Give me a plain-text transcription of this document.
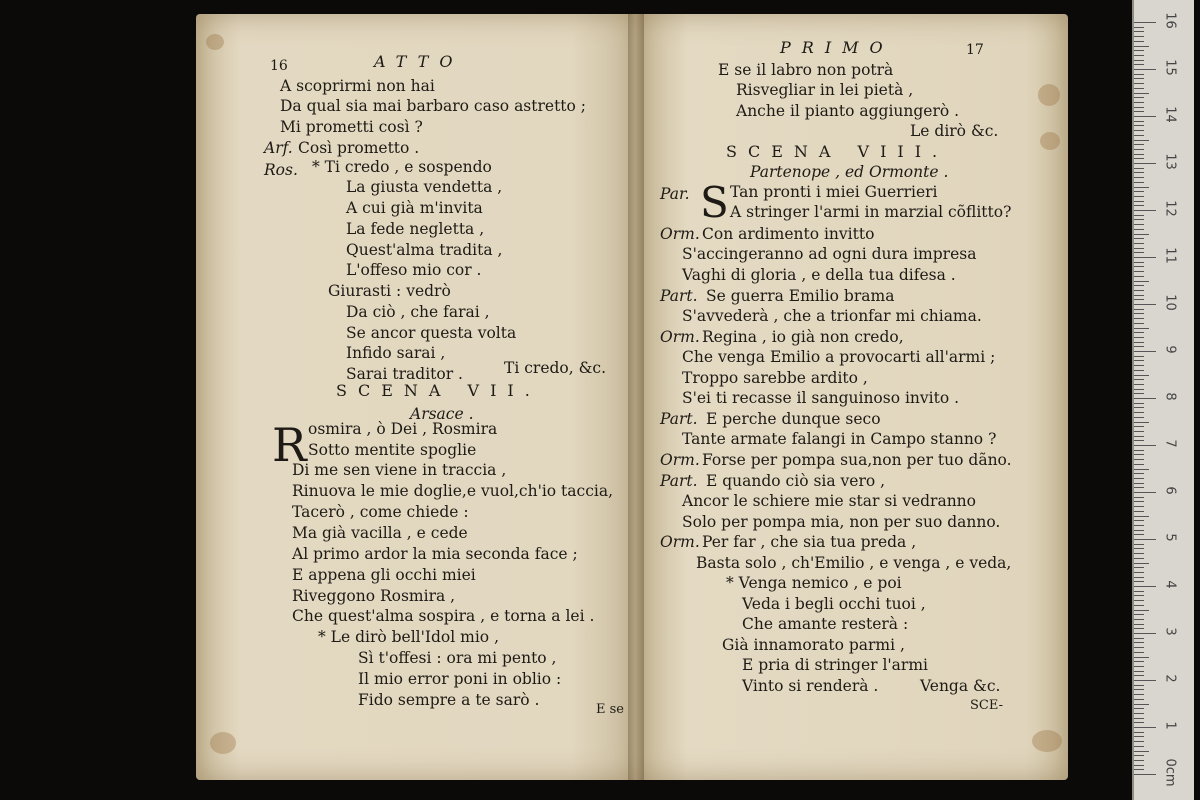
16	ATTO
A scoprirmi non hai
Da qual sia mai barbaro caso astretto ;
Mi prometti così ?
Arf. Così prometto .
Ros. * Ti credo , e sospendo
La giusta vendetta ,
A cui già m'invita
La fede negletta ,
Quest'alma tradita ,
L'offeso mio cor .
Giurasti : vedrò
Da ciò , che farai ,
Se ancor questa volta
Infido sarai ,
Sarai traditor .	Ti credo, &c.
SCENA VII.
Arsace .
R osmira , ò Dei , Rosmira
Sotto mentite spoglie
Di me sen viene in traccia ,
Rinuova le mie doglie,e vuol,ch'io taccia,
Tacerò , come chiede :
Ma già vacilla , e cede
Al primo ardor la mia seconda face ;
E appena gli occhi miei
Riveggono Rosmira ,
Che quest'alma sospira , e torna a lei .
* Le dirò bell'Idol mio ,
Sì t'offesi : ora mi pento ,
Il mio error poni in oblio :
Fido sempre a te sarò .
E se
PRIMO	17
E se il labro non potrà
Risvegliar in lei pietà ,
Anche il pianto aggiungerò .
Le dirò &c.
SCENA VIII.
Partenope , ed Ormonte .
Par. S Tan pronti i miei Guerrieri
A stringer l'armi in marzial cõflitto?
Orm. Con ardimento invitto
S'accingeranno ad ogni dura impresa
Vaghi di gloria , e della tua difesa .
Part. Se guerra Emilio brama
S'avvederà , che a trionfar mi chiama.
Orm. Regina , io già non credo,
Che venga Emilio a provocarti all'armi ;
Troppo sarebbe ardito ,
S'ei ti recasse il sanguinoso invito .
Part. E perche dunque seco
Tante armate falangi in Campo stanno ?
Orm. Forse per pompa sua,non per tuo dãno.
Part. E quando ciò sia vero ,
Ancor le schiere mie star si vedranno
Solo per pompa mia, non per suo danno.
Orm. Per far , che sia tua preda ,
Basta solo , ch'Emilio , e venga , e veda,
* Venga nemico , e poi
Veda i begli occhi tuoi ,
Che amante resterà :
Già innamorato parmi ,
E pria di stringer l'armi
Vinto si renderà .	Venga &c.
SCE-
0cm
1
2
3
4
5
6
7
8
9
10
11
12
13
14
15
16
